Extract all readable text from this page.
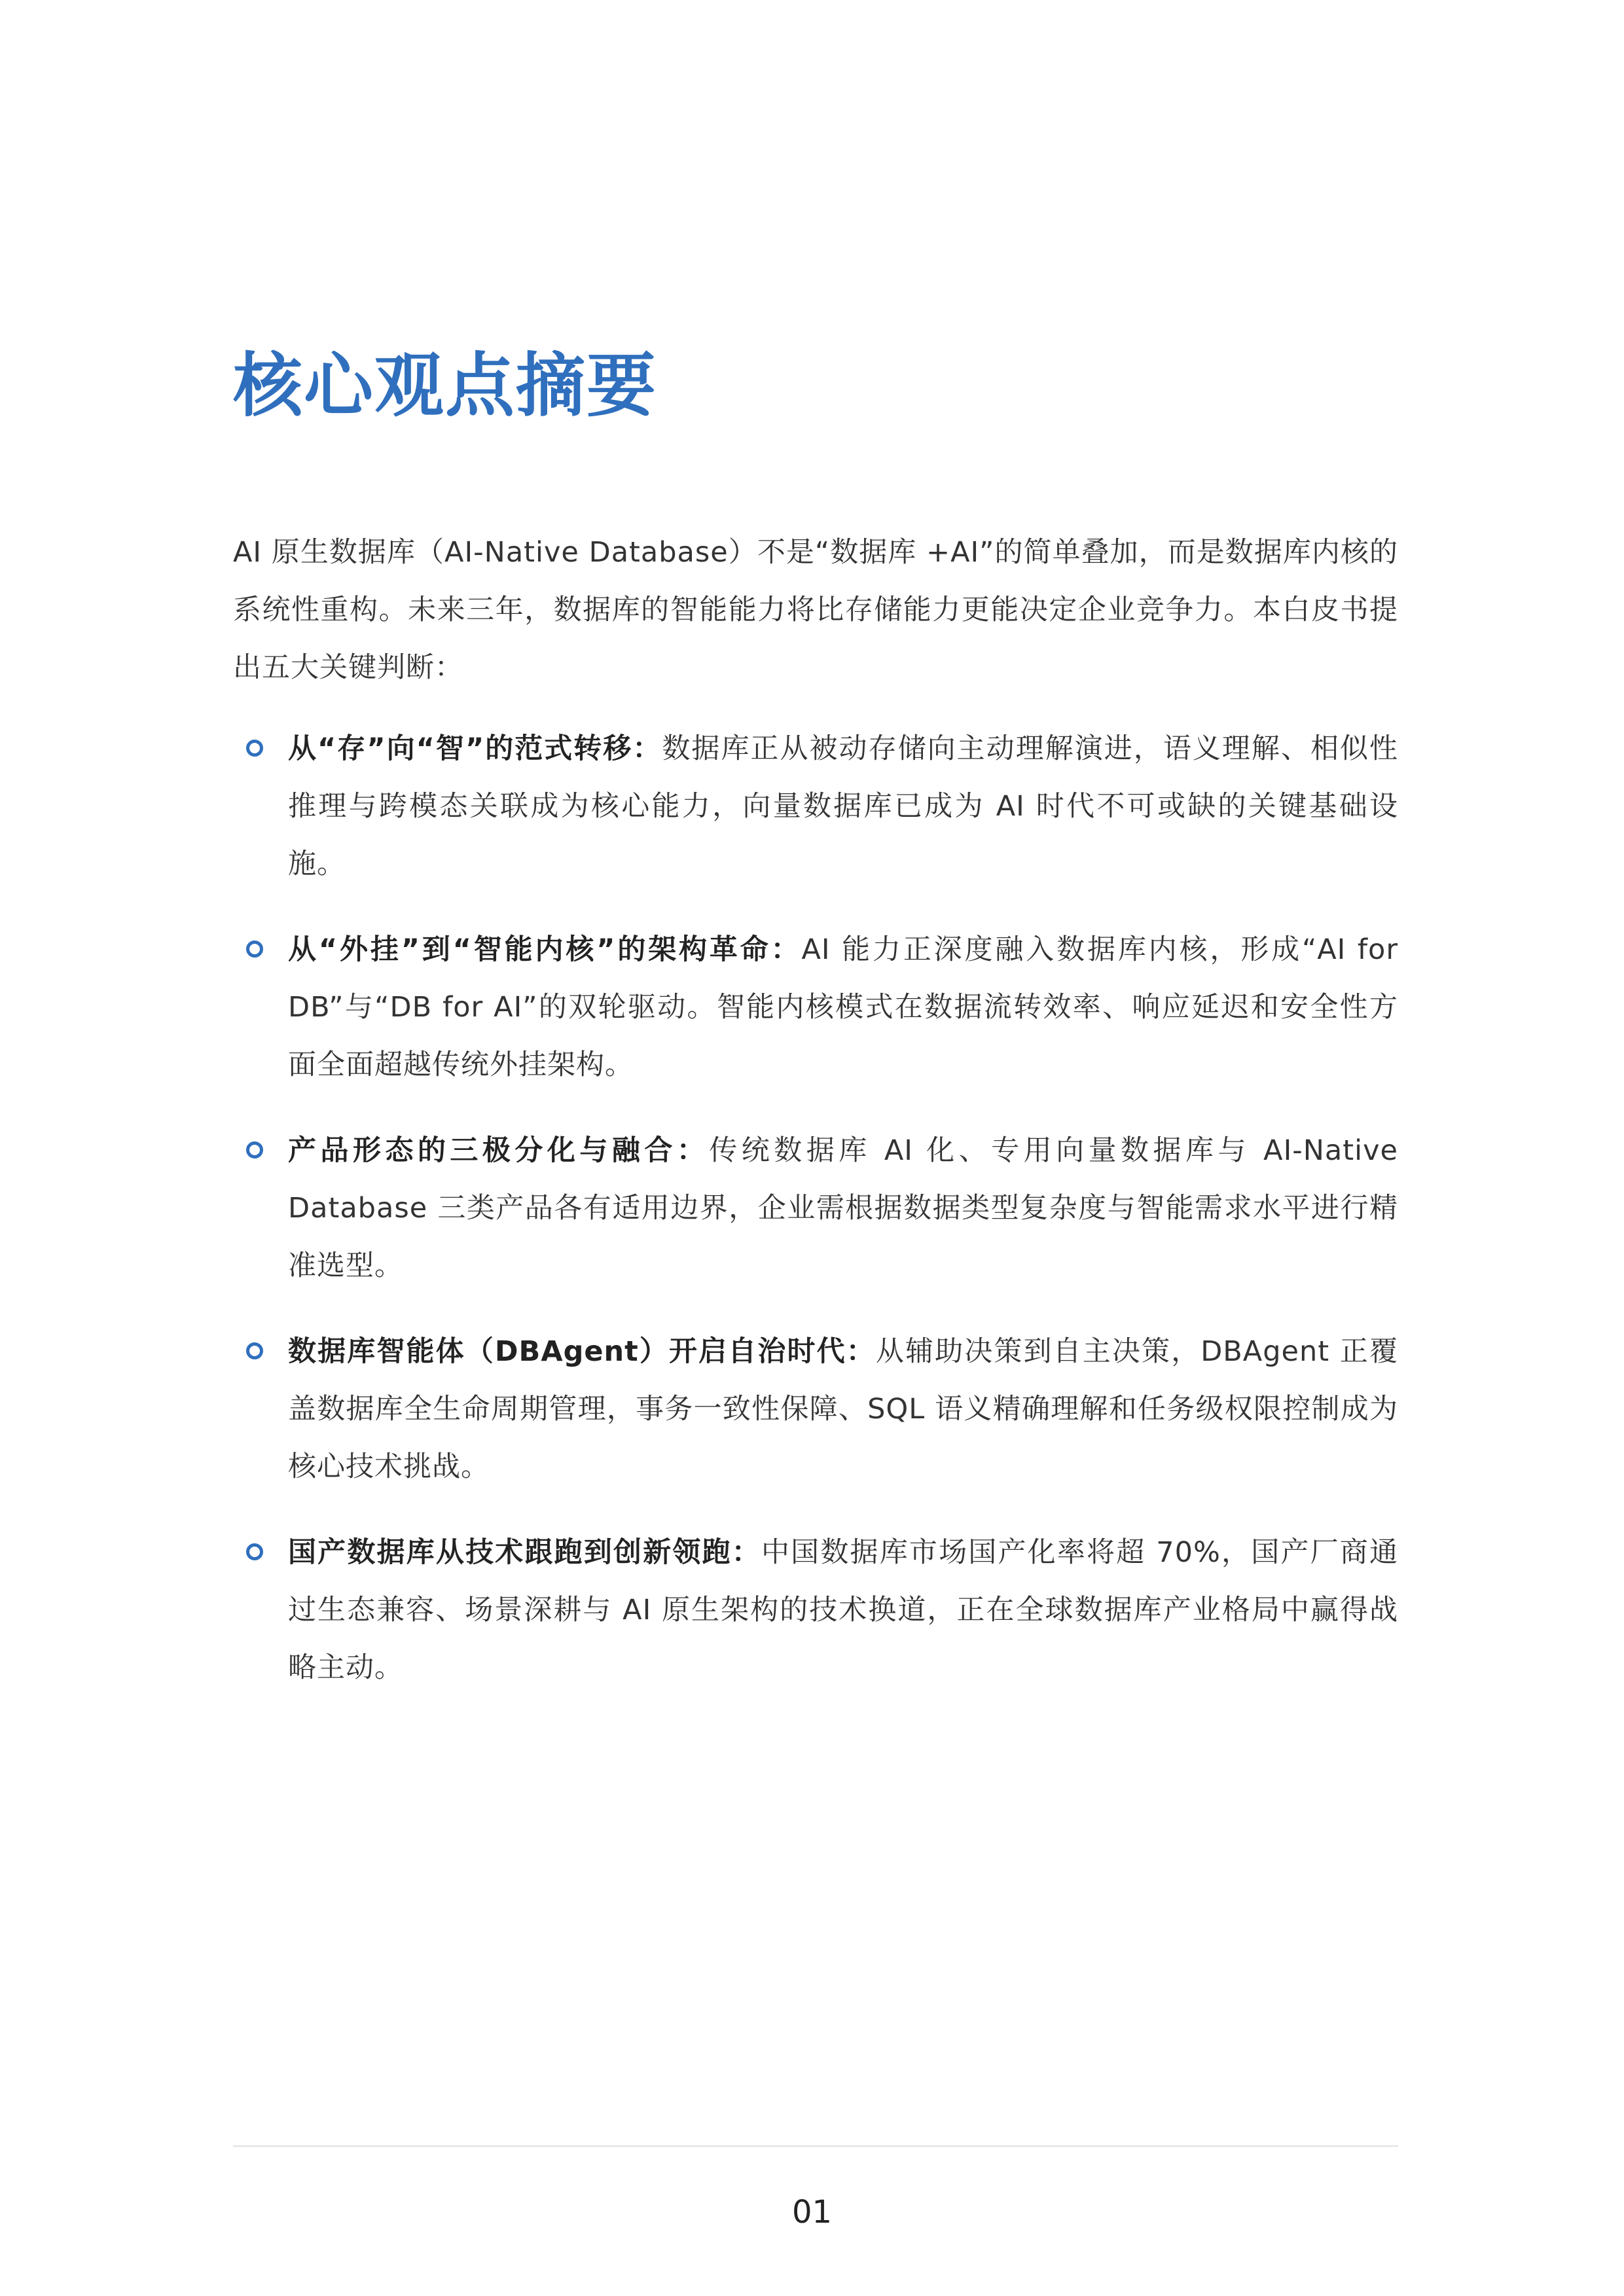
核心观点摘要

AI 原生数据库（AI-Native Database）不是“数据库 +AI”的简单叠加，而是数据库内核的系统性重构。未来三年，数据库的智能能力将比存储能力更能决定企业竞争力。本白皮书提出五大关键判断：

从“存”向“智”的范式转移：数据库正从被动存储向主动理解演进，语义理解、相似性推理与跨模态关联成为核心能力，向量数据库已成为 AI 时代不可或缺的关键基础设施。
从“外挂”到“智能内核”的架构革命：AI 能力正深度融入数据库内核，形成“AI for DB”与“DB for AI”的双轮驱动。智能内核模式在数据流转效率、响应延迟和安全性方面全面超越传统外挂架构。
产品形态的三极分化与融合：传统数据库 AI 化、专用向量数据库与 AI-Native Database 三类产品各有适用边界，企业需根据数据类型复杂度与智能需求水平进行精准选型。
数据库智能体（DBAgent）开启自治时代：从辅助决策到自主决策，DBAgent 正覆盖数据库全生命周期管理，事务一致性保障、SQL 语义精确理解和任务级权限控制成为核心技术挑战。
国产数据库从技术跟跑到创新领跑：中国数据库市场国产化率将超 70%，国产厂商通过生态兼容、场景深耕与 AI 原生架构的技术换道，正在全球数据库产业格局中赢得战略主动。
01
